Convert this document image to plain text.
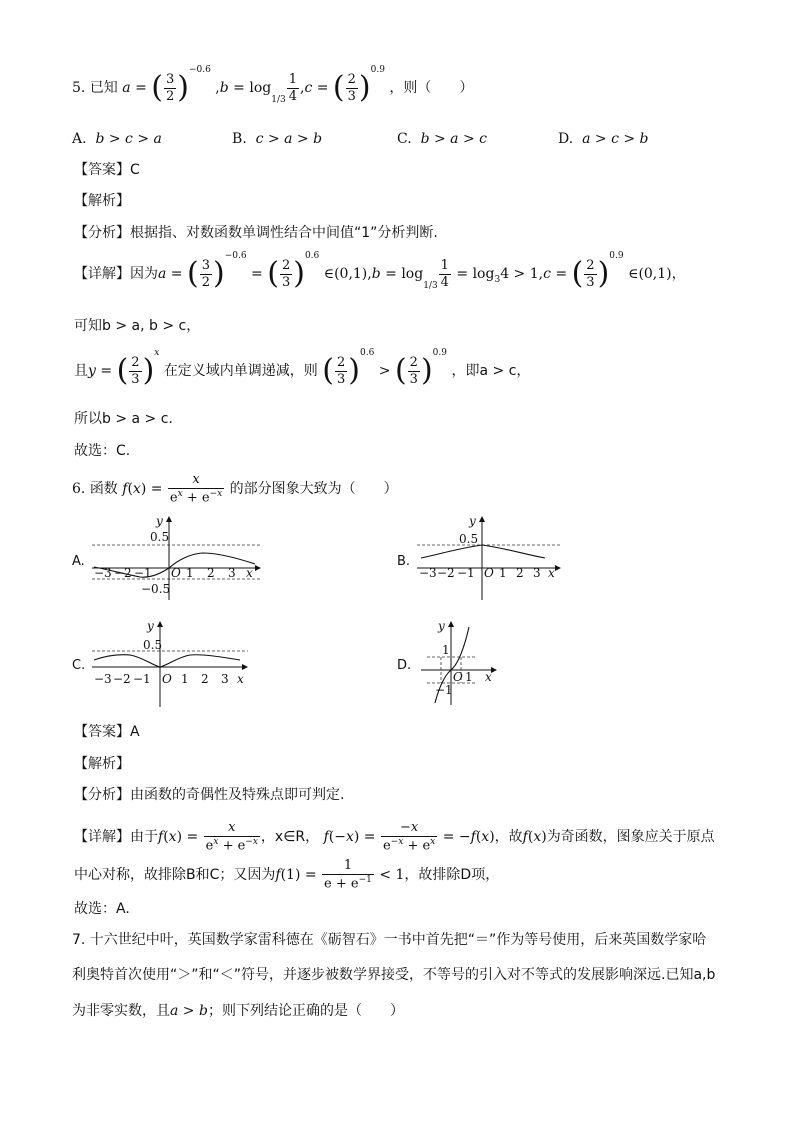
5. 已知 a = ( $\frac{3}{2} )^{-0.6}$ $,b = \log_{1/3} \frac{1}{4} ,c$ = ( $\frac{2}{3} )^{0.9}$ ，则（　　）
A. b > c > a	B. c > a > b	C. b > a > c	D. a > c > b
【答案】C
【解析】
【分析】根据指、对数函数单调性结合中间值“1”分析判断.
【详解】因为a = ( $\frac{3}{2} )^{-0.6}$ = ( $\frac{2}{3} )^{0.6}$ ∈(0,1),b = $\log_{1/3} \frac{1}{4} = \log_34 > 1,c$ = ( $\frac{2}{3} )^{0.9}$ ∈(0,1)，
可知b > a, b > c，
且y = ( $\frac{2}{3} )^x$ 在定义域内单调递减，则 ( $\frac{2}{3} )^{0.6}$ > ( $\frac{2}{3} )^{0.9}$ ，即a > c，
所以b > a > c.
故选：C.
6. 函数 $f(x) = \frac{x}{e^x + e^{-x}}$ 的部分图象大致为（　　）
A.
y
0.5
−0.5
−3 −2 −1 O 1 2 3 x
B.
y
0.5
−3 −2 −1 O 1 2 3 x
C.
y
0.5
−3 −2 −1 O 1 2 3 x
D.
y
1
O 1 x
−1
【答案】A
【解析】
【分析】由函数的奇偶性及特殊点即可判定.
【详解】由于$f(x) = \frac{x}{e^x + e^{-x}}$ ，x∈R， $f(-x) = \frac{-x}{e^{-x} + e^x} = -f(x)$，故f(x)为奇函数，图象应关于原点
中心对称，故排除B和C；又因为$f(1) = \frac{1}{e + e^{-1}} < 1$，故排除D项，
故选：A.
7. 十六世纪中叶，英国数学家雷科德在《砺智石》一书中首先把“＝”作为等号使用，后来英国数学家哈
利奥特首次使用“＞”和“＜”符号，并逐步被数学界接受，不等号的引入对不等式的发展影响深远.已知a,b
为非零实数，且a > b；则下列结论正确的是（　　）
